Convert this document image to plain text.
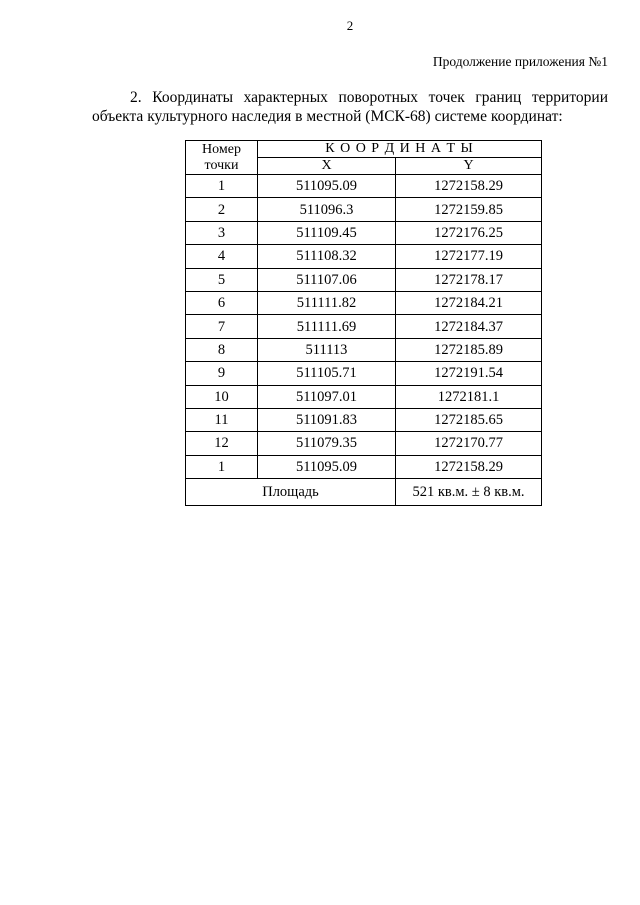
2
Продолжение приложения №1
2. Координаты характерных поворотных точек границ территории
объекта культурного наследия в местной (МСК-68) системе координат:
Номер
точки	К О О Р Д И Н А Т Ы	
	X	Y
1	511095.09	1272158.29
2	511096.3	1272159.85
3	511109.45	1272176.25
4	511108.32	1272177.19
5	511107.06	1272178.17
6	511111.82	1272184.21
7	511111.69	1272184.37
8	511113	1272185.89
9	511105.71	1272191.54
10	511097.01	1272181.1
11	511091.83	1272185.65
12	511079.35	1272170.77
1	511095.09	1272158.29
Площадь		521 кв.м. ± 8 кв.м.
